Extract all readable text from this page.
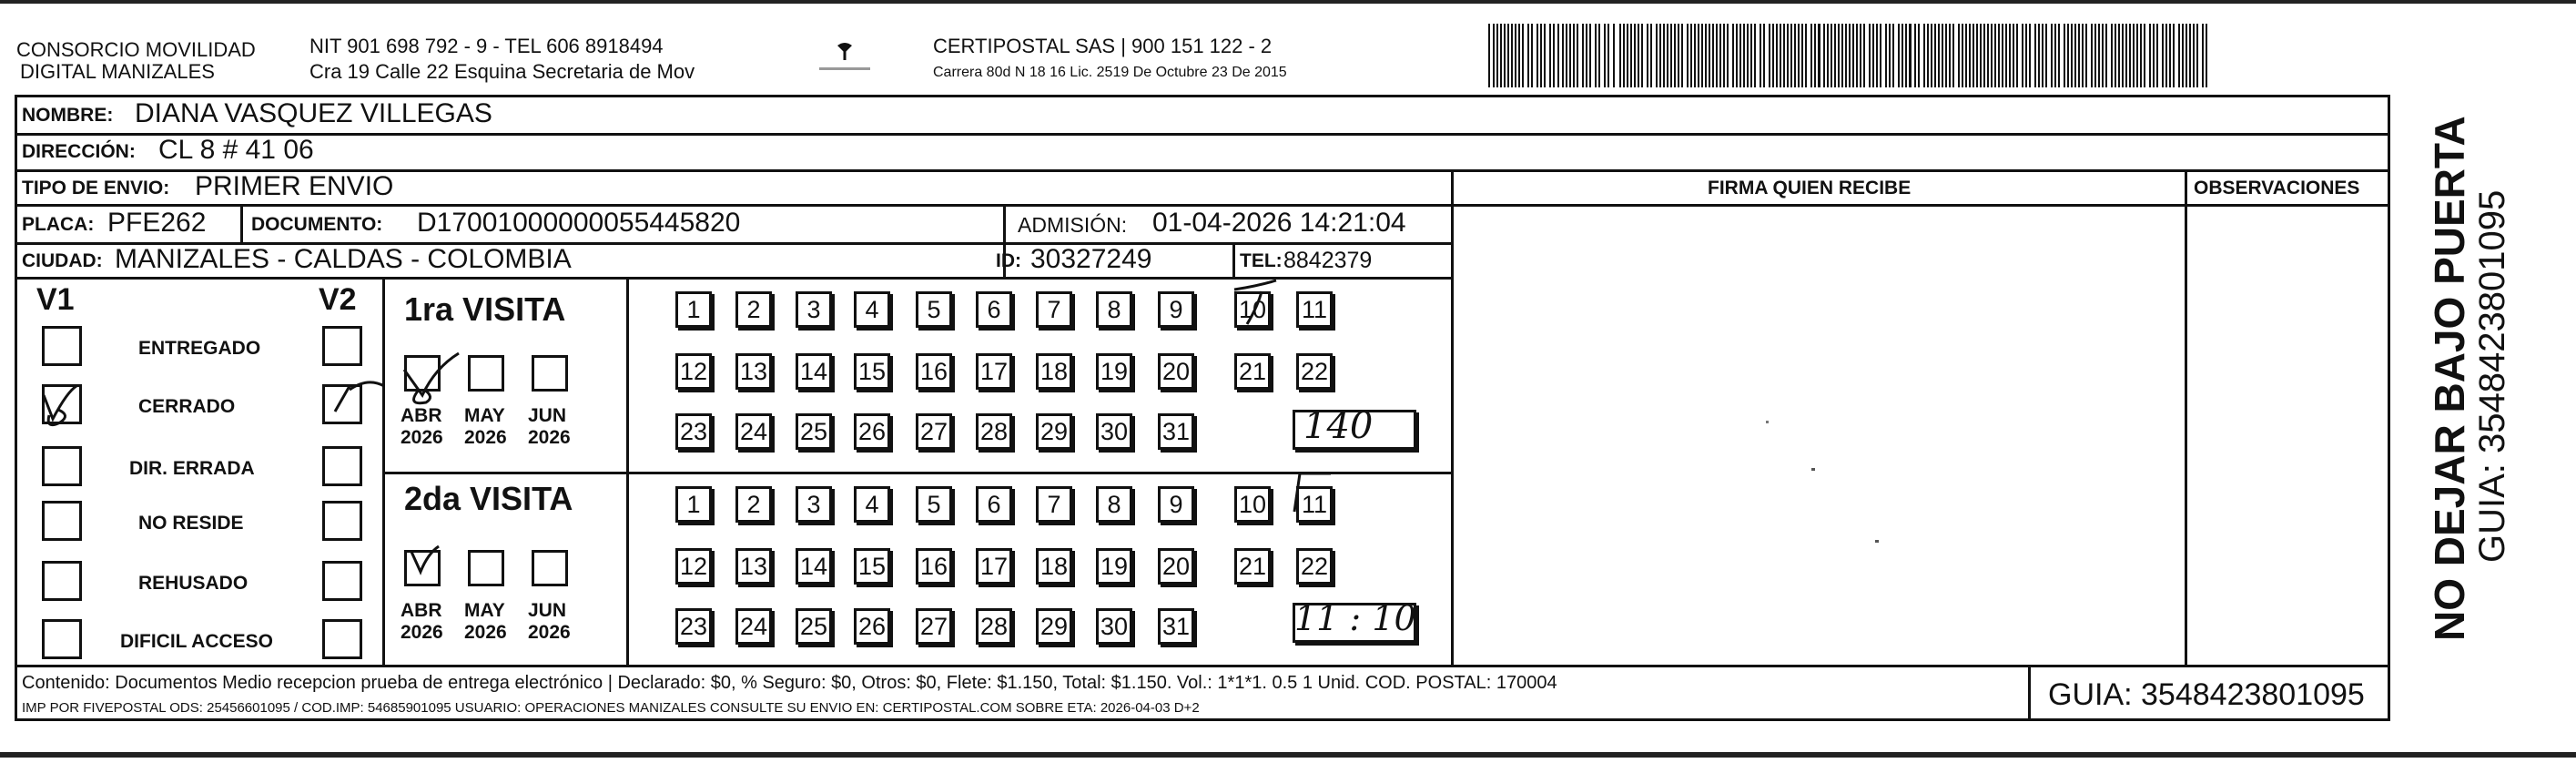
CONSORCIO MOVILIDAD
DIGITAL MANIZALES
NIT 901 698 792 - 9 - TEL 606 8918494
Cra 19 Calle 22 Esquina Secretaria de Mov
CERTIPOSTAL SAS | 900 151 122 - 2
Carrera 80d N 18 16 Lic. 2519 De Octubre 23 De 2015
NOMBRE: DIANA VASQUEZ VILLEGAS
DIRECCIÓN: CL 8 # 41 06
TIPO DE ENVIO: PRIMER ENVIO
PLACA: PFE262 DOCUMENTO: D17001000000055445820	ADMISIÓN: 01-04-2026 14:21:04
CIUDAD: MANIZALES - CALDAS - COLOMBIA	ID: 30327249	TEL: 8842379
FIRMA QUIEN RECIBE	OBSERVACIONES
V1	V2
ENTREGADO
CERRADO
DIR. ERRADA
NO RESIDE
REHUSADO
DIFICIL ACCESO
1ra VISITA
2da VISITA
ABR
2026
MAY
2026
JUN
2026
1	2	3	4	5	6	7	8	9	10 11
12 13 14 15 16 17 18 19 20 21 22
23 24 25 26 27 28 29 30 31
ABR
2026
MAY
2026
JUN
2026
1	2	3	4	5	6	7	8	9	10 11
12 13 14 15 16 17 18 19 20 21 22
23 24 25 26 27 28 29 30 31
140
11 : 10
Contenido: Documentos Medio recepcion prueba de entrega electrónico | Declarado: $0, % Seguro: $0, Otros: $0, Flete: $1.150, Total: $1.150. Vol.: 1*1*1. 0.5 1 Unid. COD. POSTAL: 170004
IMP POR FIVEPOSTAL ODS: 25456601095 / COD.IMP: 54685901095 USUARIO: OPERACIONES MANIZALES CONSULTE SU ENVIO EN: CERTIPOSTAL.COM SOBRE ETA: 2026-04-03 D+2	GUIA: 3548423801095
NO DEJAR BAJO PUERTA GUIA: 3548423801095
